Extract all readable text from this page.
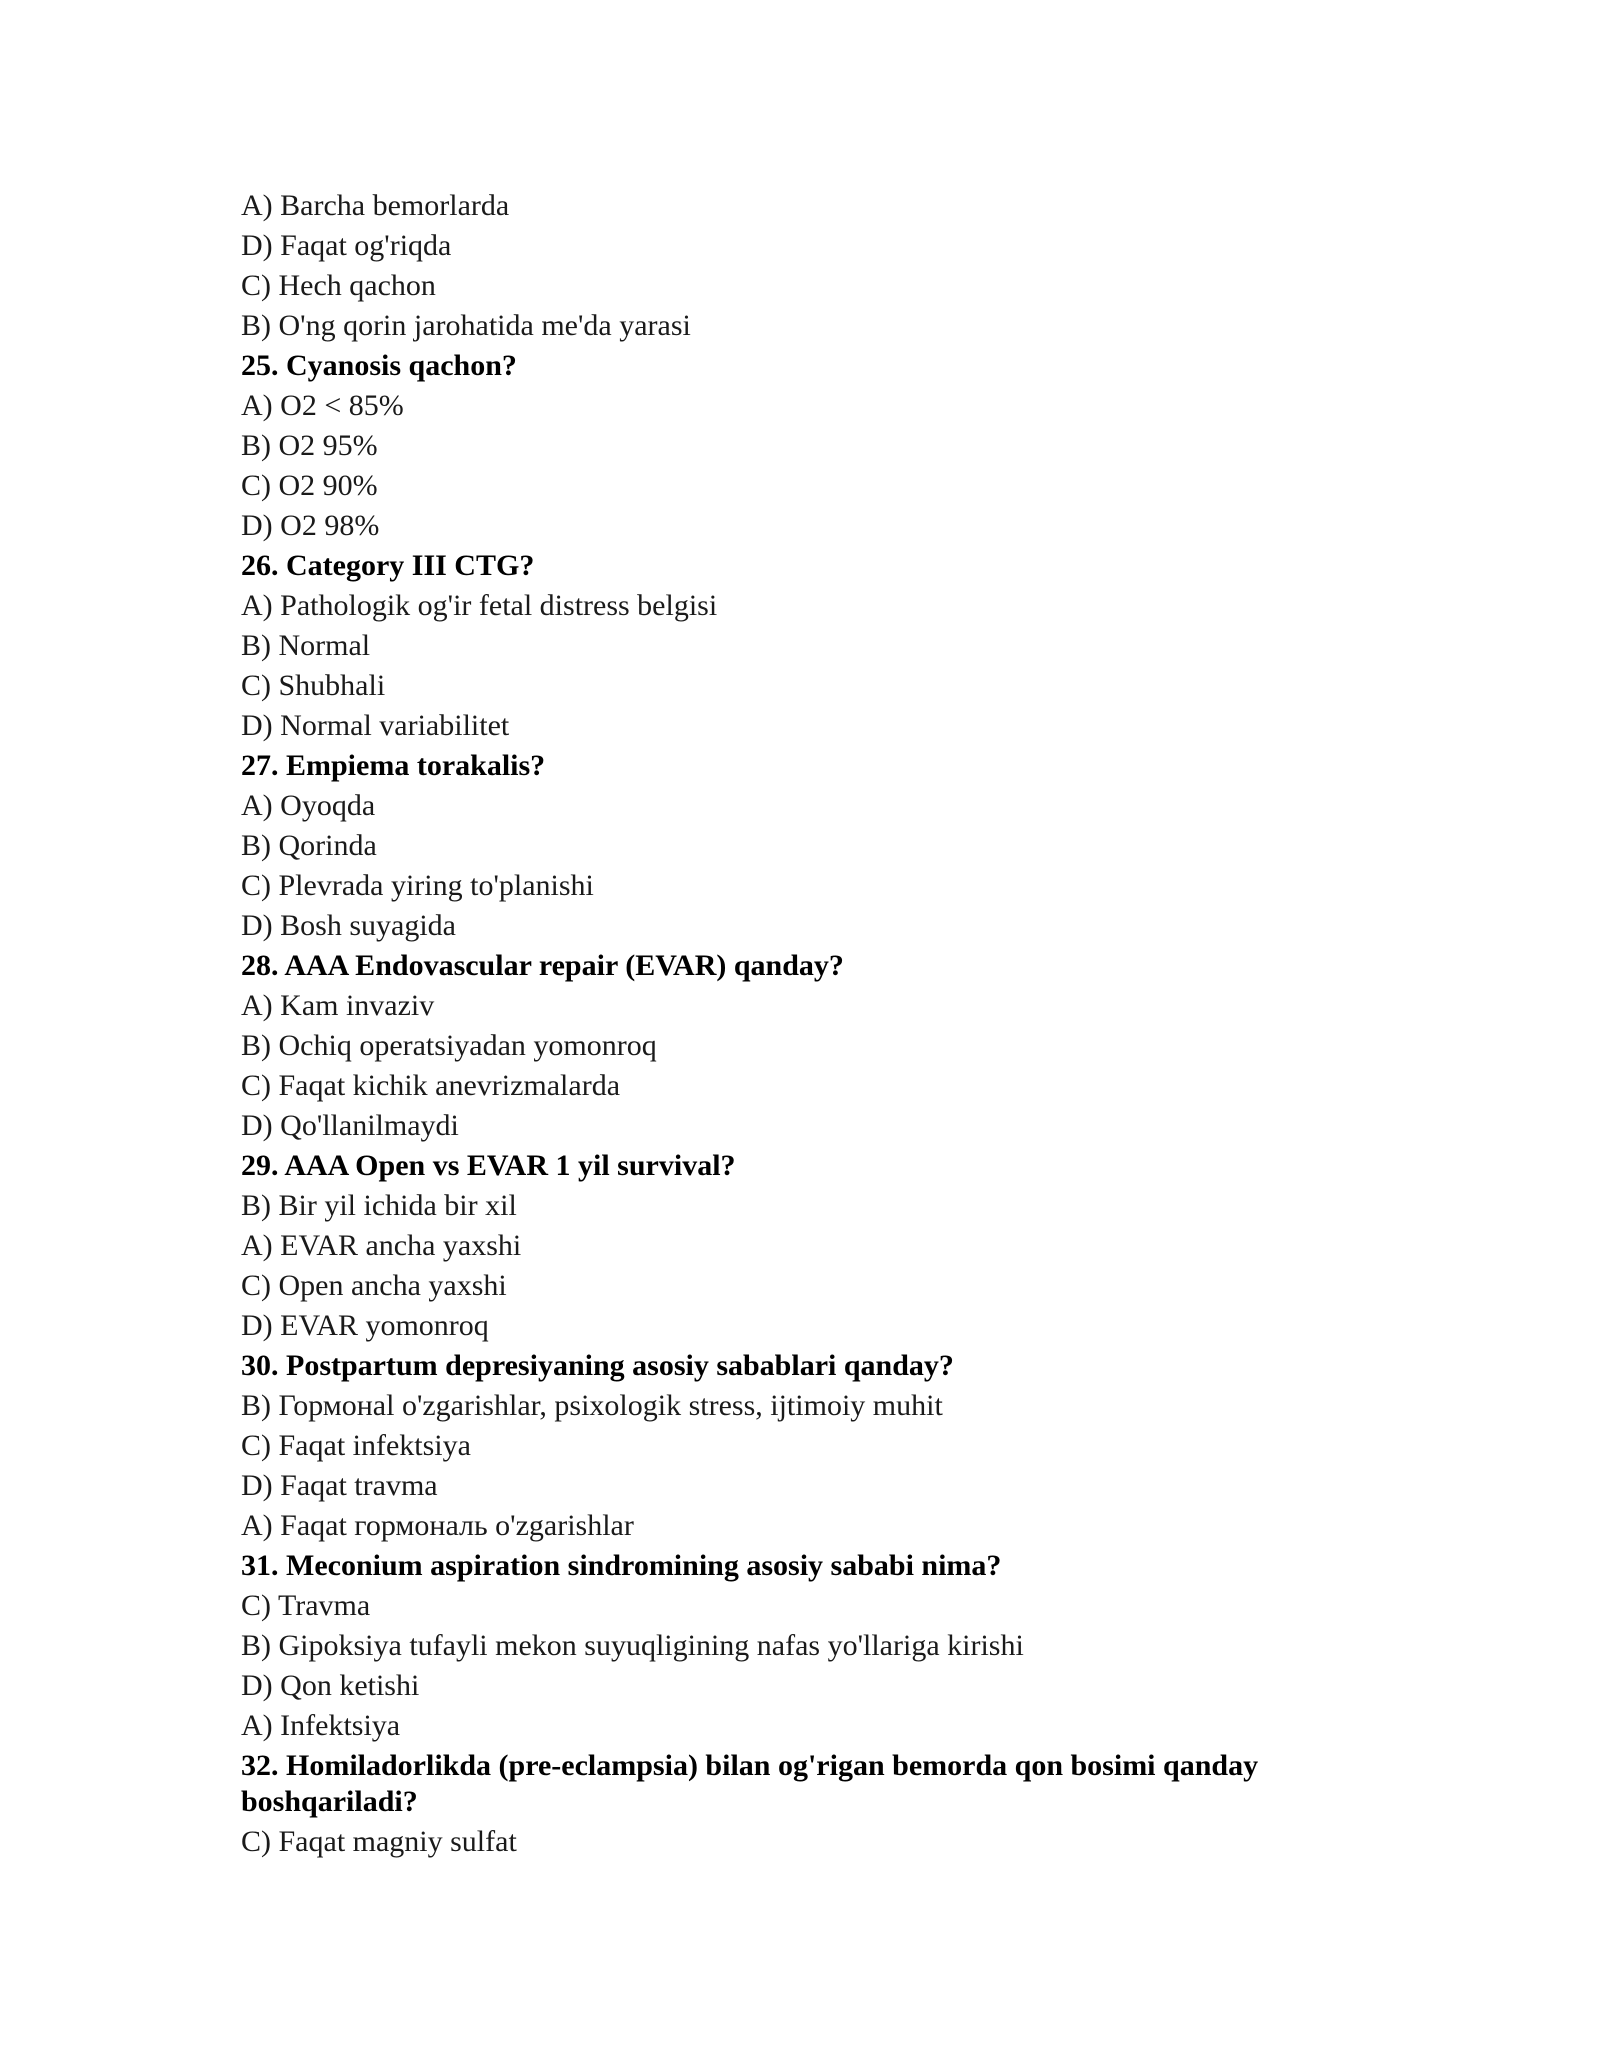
A) Barcha bemorlarda
D) Faqat og'riqda
C) Hech qachon
B) O'ng qorin jarohatida me'da yarasi
25. Cyanosis qachon?
A) O2 < 85%
B) O2 95%
C) O2 90%
D) O2 98%
26. Category III CTG?
A) Pathologik og'ir fetal distress belgisi
B) Normal
C) Shubhali
D) Normal variabilitet
27. Empiema torakalis?
A) Oyoqda
B) Qorinda
C) Plevrada yiring to'planishi
D) Bosh suyagida
28. AAA Endovascular repair (EVAR) qanday?
A) Kam invaziv
B) Ochiq operatsiyadan yomonroq
C) Faqat kichik anevrizmalarda
D) Qo'llanilmaydi
29. AAA Open vs EVAR 1 yil survival?
B) Bir yil ichida bir xil
A) EVAR ancha yaxshi
C) Open ancha yaxshi
D) EVAR yomonroq
30. Postpartum depresiyaning asosiy sabablari qanday?
B) Гормонal o'zgarishlar, psixologik stress, ijtimoiy muhit
C) Faqat infektsiya
D) Faqat travma
A) Faqat гормональ o'zgarishlar
31. Meconium aspiration sindromining asosiy sababi nima?
C) Travma
B) Gipoksiya tufayli mekon suyuqligining nafas yo'llariga kirishi
D) Qon ketishi
A) Infektsiya
32. Homiladorlikda (pre-eclampsia) bilan og'rigan bemorda qon bosimi qanday boshqariladi?
C) Faqat magniy sulfat
